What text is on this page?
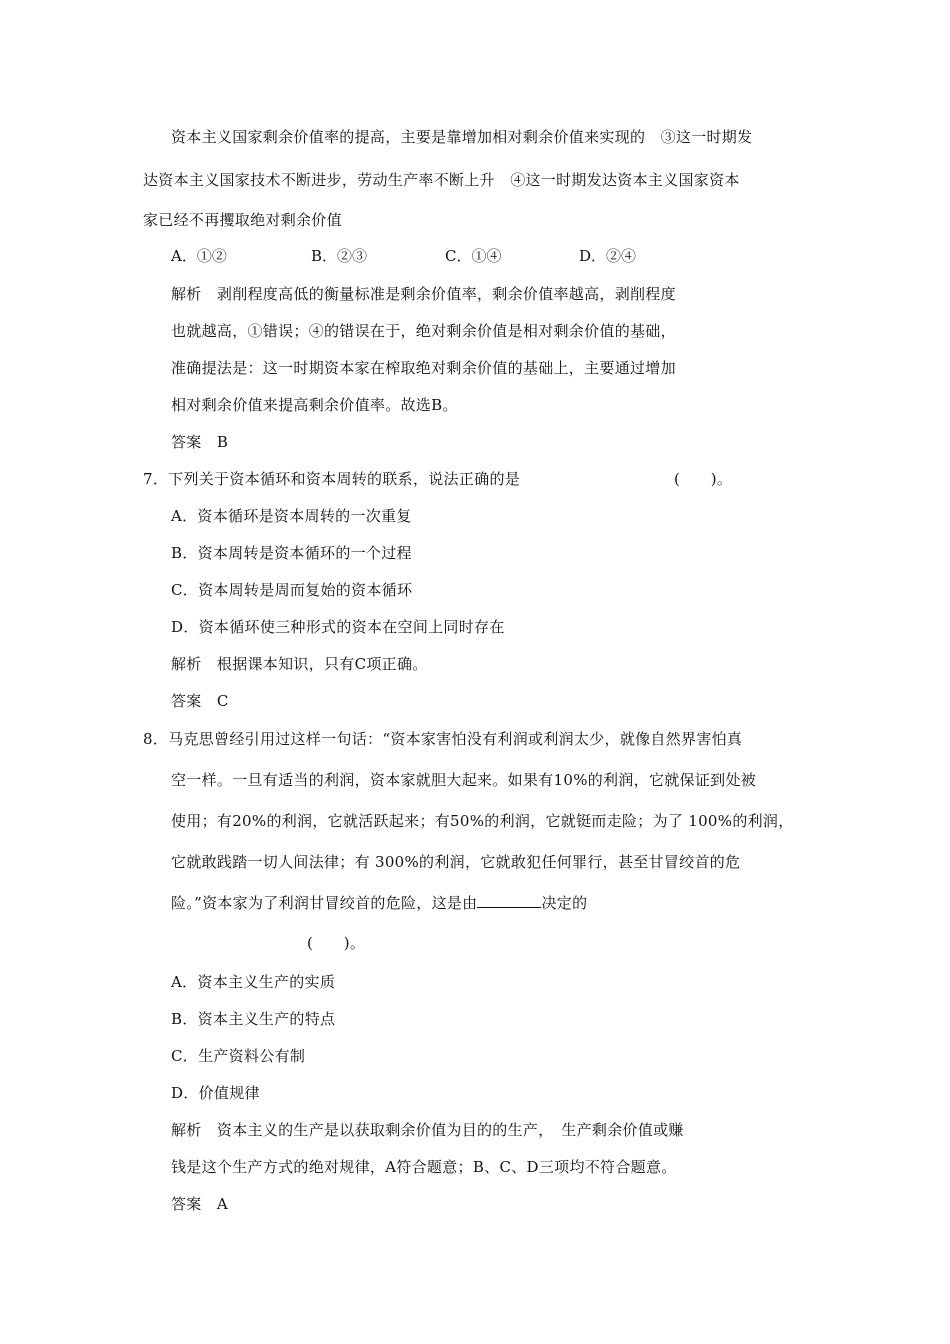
资本主义国家剩余价值率的提高，主要是靠增加相对剩余价值来实现的　③这一时期发
达资本主义国家技术不断进步，劳动生产率不断上升　④这一时期发达资本主义国家资本
家已经不再攫取绝对剩余价值
A．①②	B．②③	C．①④	D．②④
解析　剥削程度高低的衡量标准是剩余价值率，剩余价值率越高，剥削程度
也就越高，①错误；④的错误在于，绝对剩余价值是相对剩余价值的基础，
准确提法是：这一时期资本家在榨取绝对剩余价值的基础上，主要通过增加
相对剩余价值来提高剩余价值率。故选B。
答案　B
7．下列关于资本循环和资本周转的联系，说法正确的是	(　　)。
A．资本循环是资本周转的一次重复
B．资本周转是资本循环的一个过程
C．资本周转是周而复始的资本循环
D．资本循环使三种形式的资本在空间上同时存在
解析　根据课本知识，只有C项正确。
答案　C
8．马克思曾经引用过这样一句话：“资本家害怕没有利润或利润太少，就像自然界害怕真
空一样。一旦有适当的利润，资本家就胆大起来。如果有10%的利润，它就保证到处被
使用；有20%的利润，它就活跃起来；有50%的利润，它就铤而走险；为了 100%的利润，
它就敢践踏一切人间法律；有 300%的利润，它就敢犯任何罪行，甚至甘冒绞首的危
险。”资本家为了利润甘冒绞首的危险，这是由	决定的
(　　)。
A．资本主义生产的实质
B．资本主义生产的特点
C．生产资料公有制
D．价值规律
解析　资本主义的生产是以获取剩余价值为目的的生产，　生产剩余价值或赚
钱是这个生产方式的绝对规律，A符合题意；B、C、D三项均不符合题意。
答案　A
